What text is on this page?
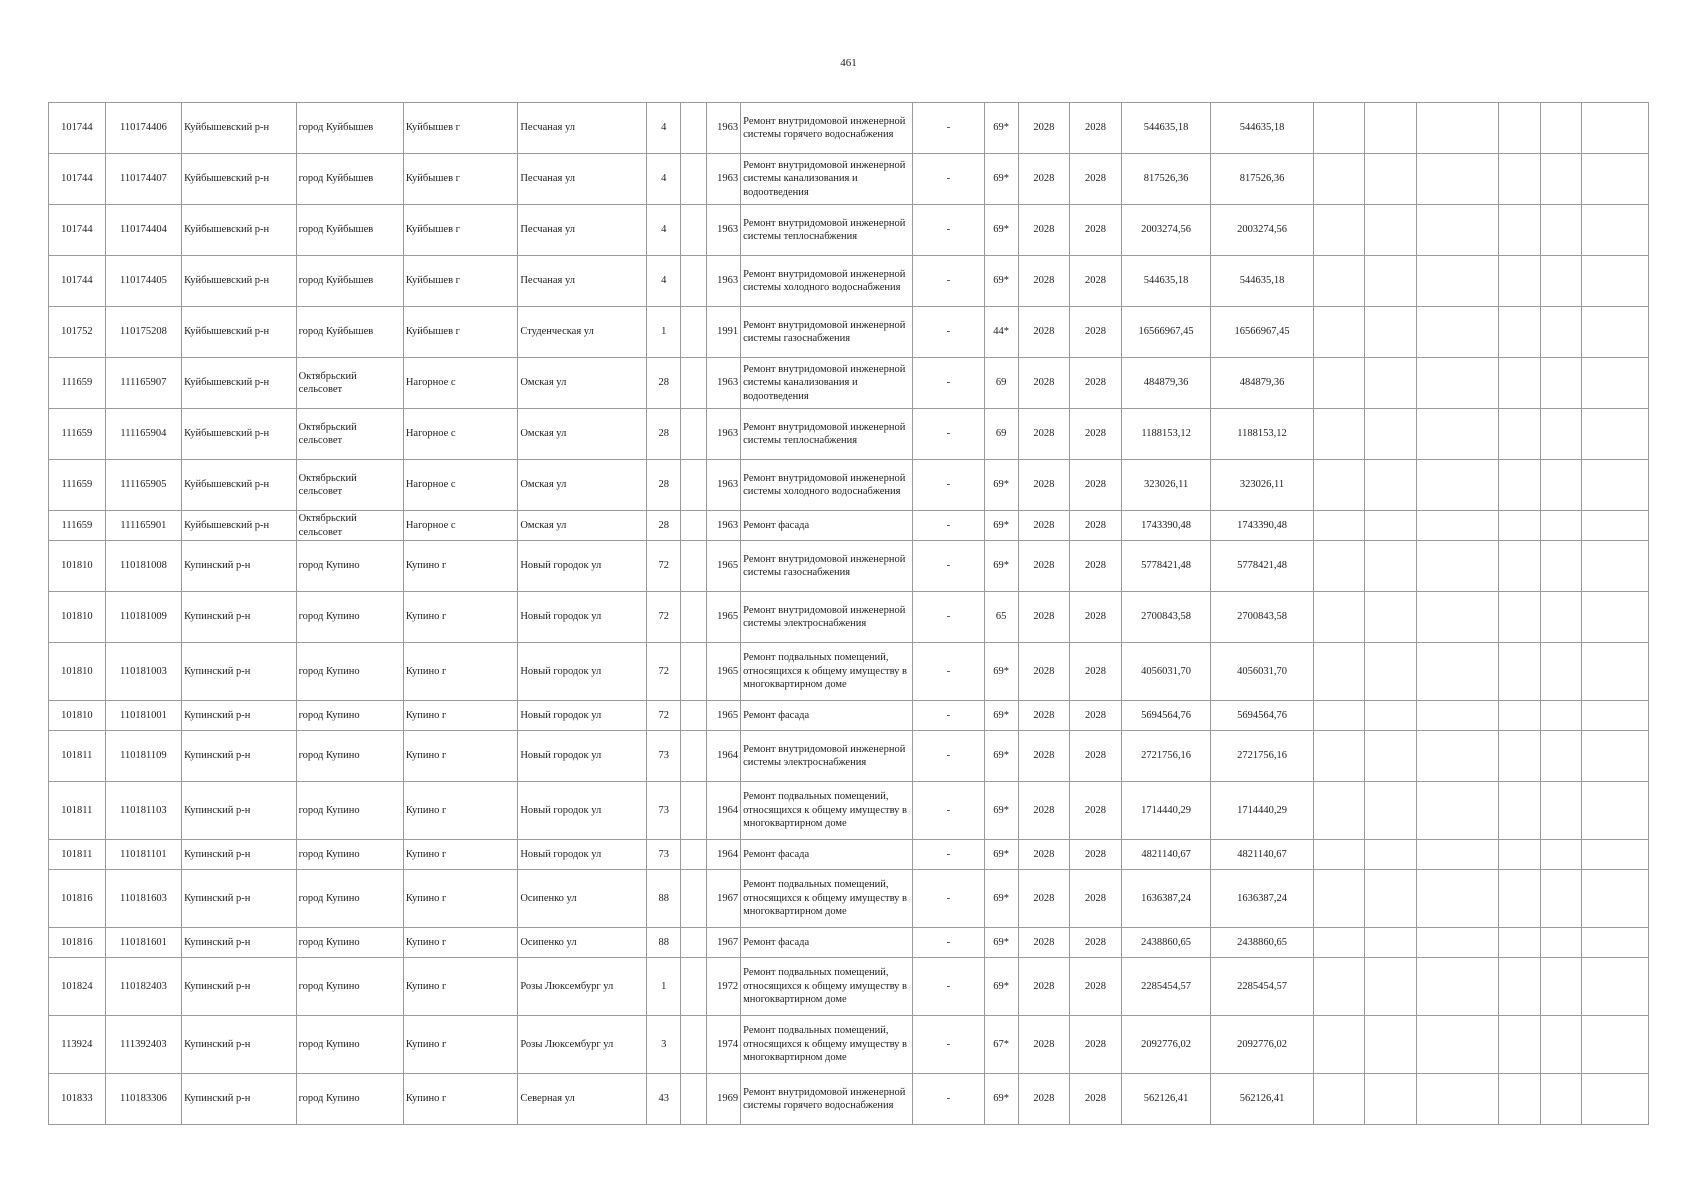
461
101744	110174406	Куйбышевский р-н	город Куйбышев	Куйбышев г	Песчаная ул	4		1963	Ремонт внутридомовой инженерной системы горячего водоснабжения	-	69*	2028	2028	544635,18	544635,18						
101744	110174407	Куйбышевский р-н	город Куйбышев	Куйбышев г	Песчаная ул	4		1963	Ремонт внутридомовой инженерной системы канализования и водоотведения	-	69*	2028	2028	817526,36	817526,36						
101744	110174404	Куйбышевский р-н	город Куйбышев	Куйбышев г	Песчаная ул	4		1963	Ремонт внутридомовой инженерной системы теплоснабжения	-	69*	2028	2028	2003274,56	2003274,56						
101744	110174405	Куйбышевский р-н	город Куйбышев	Куйбышев г	Песчаная ул	4		1963	Ремонт внутридомовой инженерной системы холодного водоснабжения	-	69*	2028	2028	544635,18	544635,18						
101752	110175208	Куйбышевский р-н	город Куйбышев	Куйбышев г	Студенческая ул	1		1991	Ремонт внутридомовой инженерной системы газоснабжения	-	44*	2028	2028	16566967,45	16566967,45						
111659	111165907	Куйбышевский р-н	Октябрьский сельсовет	Нагорное с	Омская ул	28		1963	Ремонт внутридомовой инженерной системы канализования и водоотведения	-	69	2028	2028	484879,36	484879,36						
111659	111165904	Куйбышевский р-н	Октябрьский сельсовет	Нагорное с	Омская ул	28		1963	Ремонт внутридомовой инженерной системы теплоснабжения	-	69	2028	2028	1188153,12	1188153,12						
111659	111165905	Куйбышевский р-н	Октябрьский сельсовет	Нагорное с	Омская ул	28		1963	Ремонт внутридомовой инженерной системы холодного водоснабжения	-	69*	2028	2028	323026,11	323026,11						
111659	111165901	Куйбышевский р-н	Октябрьский сельсовет	Нагорное с	Омская ул	28		1963	Ремонт фасада	-	69*	2028	2028	1743390,48	1743390,48						
101810	110181008	Купинский р-н	город Купино	Купино г	Новый городок ул	72		1965	Ремонт внутридомовой инженерной системы газоснабжения	-	69*	2028	2028	5778421,48	5778421,48						
101810	110181009	Купинский р-н	город Купино	Купино г	Новый городок ул	72		1965	Ремонт внутридомовой инженерной системы электроснабжения	-	65	2028	2028	2700843,58	2700843,58						
101810	110181003	Купинский р-н	город Купино	Купино г	Новый городок ул	72		1965	Ремонт подвальных помещений, относящихся к общему имуществу в многоквартирном доме	-	69*	2028	2028	4056031,70	4056031,70						
101810	110181001	Купинский р-н	город Купино	Купино г	Новый городок ул	72		1965	Ремонт фасада	-	69*	2028	2028	5694564,76	5694564,76						
101811	110181109	Купинский р-н	город Купино	Купино г	Новый городок ул	73		1964	Ремонт внутридомовой инженерной системы электроснабжения	-	69*	2028	2028	2721756,16	2721756,16						
101811	110181103	Купинский р-н	город Купино	Купино г	Новый городок ул	73		1964	Ремонт подвальных помещений, относящихся к общему имуществу в многоквартирном доме	-	69*	2028	2028	1714440,29	1714440,29						
101811	110181101	Купинский р-н	город Купино	Купино г	Новый городок ул	73		1964	Ремонт фасада	-	69*	2028	2028	4821140,67	4821140,67						
101816	110181603	Купинский р-н	город Купино	Купино г	Осипенко ул	88		1967	Ремонт подвальных помещений, относящихся к общему имуществу в многоквартирном доме	-	69*	2028	2028	1636387,24	1636387,24						
101816	110181601	Купинский р-н	город Купино	Купино г	Осипенко ул	88		1967	Ремонт фасада	-	69*	2028	2028	2438860,65	2438860,65						
101824	110182403	Купинский р-н	город Купино	Купино г	Розы Люксембург ул	1		1972	Ремонт подвальных помещений, относящихся к общему имуществу в многоквартирном доме	-	69*	2028	2028	2285454,57	2285454,57						
113924	111392403	Купинский р-н	город Купино	Купино г	Розы Люксембург ул	3		1974	Ремонт подвальных помещений, относящихся к общему имуществу в многоквартирном доме	-	67*	2028	2028	2092776,02	2092776,02						
101833	110183306	Купинский р-н	город Купино	Купино г	Северная ул	43		1969	Ремонт внутридомовой инженерной системы горячего водоснабжения	-	69*	2028	2028	562126,41	562126,41						
